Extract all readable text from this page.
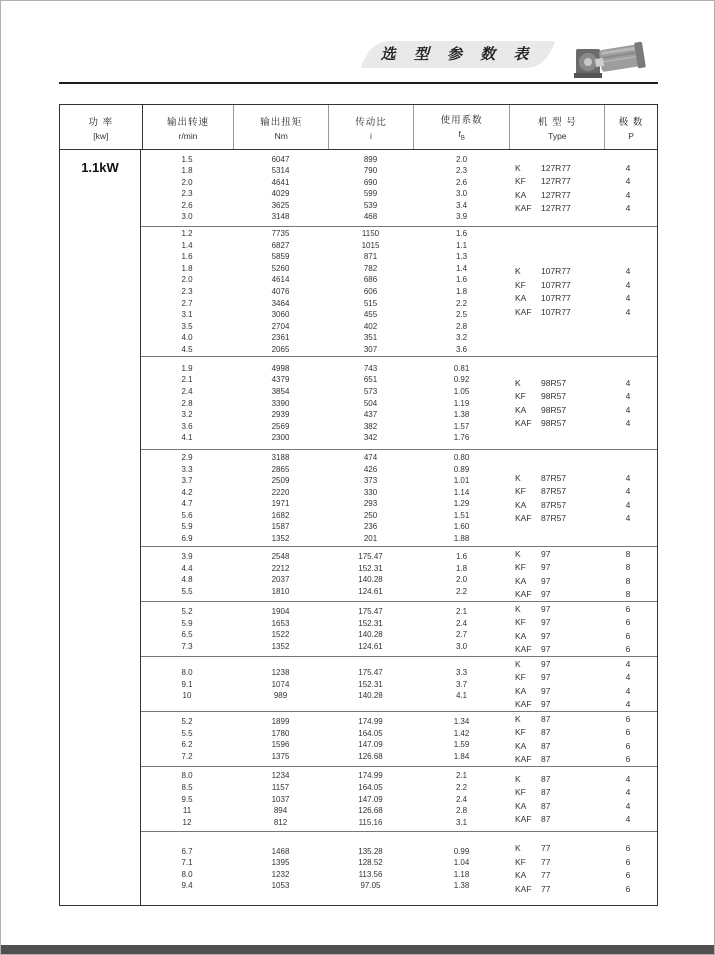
选 型 参 数 表
功 率
[kw]
输出转速
r/min
输出扭矩
Nm
传动比
i
使用系数
$f_B$
机 型 号
Type
极 数
P
1.1kW
1.5	6047	899	2.0
1.8	5314	790	2.3
2.0	4641	690	2.6
2.3	4029	599	3.0
2.6	3625	539	3.4
3.0	3148	468	3.9
K	127R77	4
KF	127R77	4
KA	127R77	4
KAF	127R77	4
1.2	7735	1150	1.6
1.4	6827	1015	1.1
1.6	5859	871	1.3
1.8	5260	782	1.4
2.0	4614	686	1.6
2.3	4076	606	1.8
2.7	3464	515	2.2
3.1	3060	455	2.5
3.5	2704	402	2.8
4.0	2361	351	3.2
4.5	2065	307	3.6
K	107R77	4
KF	107R77	4
KA	107R77	4
KAF	107R77	4
1.9	4998	743	0.81
2.1	4379	651	0.92
2.4	3854	573	1.05
2.8	3390	504	1.19
3.2	2939	437	1.38
3.6	2569	382	1.57
4.1	2300	342	1.76
K	98R57	4
KF	98R57	4
KA	98R57	4
KAF	98R57	4
2.9	3188	474	0.80
3.3	2865	426	0.89
3.7	2509	373	1.01
4.2	2220	330	1.14
4.7	1971	293	1.29
5.6	1682	250	1.51
5.9	1587	236	1.60
6.9	1352	201	1.88
K	87R57	4
KF	87R57	4
KA	87R57	4
KAF	87R57	4
3.9	2548	175.47	1.6
4.4	2212	152.31	1.8
4.8	2037	140.28	2.0
5.5	1810	124.61	2.2
K	97	8
KF	97	8
KA	97	8
KAF	97	8
5.2	1904	175.47	2.1
5.9	1653	152.31	2.4
6.5	1522	140.28	2.7
7.3	1352	124.61	3.0
K	97	6
KF	97	6
KA	97	6
KAF	97	6
8.0	1238	175.47	3.3
9.1	1074	152.31	3.7
10	989	140.28	4.1
K	97	4
KF	97	4
KA	97	4
KAF	97	4
5.2	1899	174.99	1.34
5.5	1780	164.05	1.42
6.2	1596	147.09	1.59
7.2	1375	126.68	1.84
K	87	6
KF	87	6
KA	87	6
KAF	87	6
8.0	1234	174.99	2.1
8.5	1157	164.05	2.2
9.5	1037	147.09	2.4
11	894	126.68	2.8
12	812	115.16	3.1
K	87	4
KF	87	4
KA	87	4
KAF	87	4
6.7	1468	135.28	0.99
7.1	1395	128.52	1.04
8.0	1232	113.56	1.18
9.4	1053	97.05	1.38
K	77	6
KF	77	6
KA	77	6
KAF	77	6
